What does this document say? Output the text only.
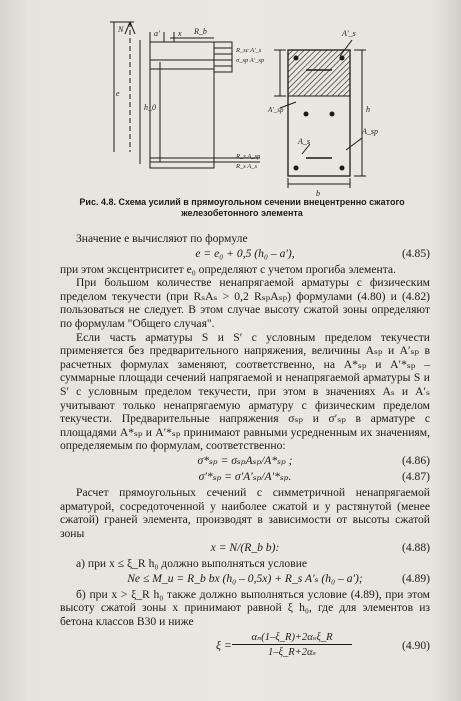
N
e
a' x R_b
R_sc A'_s
σ_sp A'_sp
h_0
R_s A_sp
R_s A_s
A'_s
A'_sp
A_s
A_sp
b
h
Рис. 4.8. Схема усилий в прямоугольном сечении внецентренно сжатого
железобетонного элемента

Значение e вычисляют по формуле

e = e₀ + 0,5 (h₀ – a′),	(4.85)

при этом эксцентриситет e₀ определяют с учетом прогиба элемента.

При большом количестве ненапрягаемой арматуры с физическим пределом текучести (при RₛAₛ > 0,2 RₛₚAₛₚ) формулами (4.80) и (4.82) пользоваться не следует. В этом случае высоту сжатой зоны определяют по формулам "Общего случая".

Если часть арматуры S и S′ с условным пределом текучести применяется без предварительного напряжения, величины Aₛₚ и A′ₛₚ в расчетных формулах заменяют, соответственно, на A*ₛₚ и A′*ₛₚ – суммарные площади сечений напрягаемой и ненапрягаемой арматуры S и S′ с условным пределом текучести, при этом в значениях Aₛ и A′ₛ учитывают только ненапрягаемую арматуру с физическим пределом текучести. Предварительные напряжения σₛₚ и σ′ₛₚ в арматуре с площадями A*ₛₚ и A′*ₛₚ принимают равными усредненным их значениям, определяемым по формулам, соответственно:

σ*ₛₚ = σₛₚAₛₚ/A*ₛₚ ;	(4.86)
σ′*ₛₚ = σ′A′ₛₚ/A′*ₛₚ.	(4.87)

Расчет прямоугольных сечений с симметричной ненапрягаемой арматурой, сосредоточенной у наиболее сжатой и у растянутой (менее сжатой) граней элемента, производят в зависимости от высоты сжатой зоны

x = N/(R_b b):	(4.88)

а) при x ≤ ξ_R h₀ должно выполняться условие

Ne ≤ M_u = R_b bx (h₀ – 0,5x) + R_s A′ₛ (h₀ – a′);	(4.89)

б) при x > ξ_R h₀ также должно выполняться условие (4.89), при этом высоту сжатой зоны x принимают равной ξ h₀, где для элементов из бетона классов В30 и ниже

ξ =
αₙ(1–ξ_R)+2αₛξ_R
1–ξ_R+2αₛ
(4.90)
